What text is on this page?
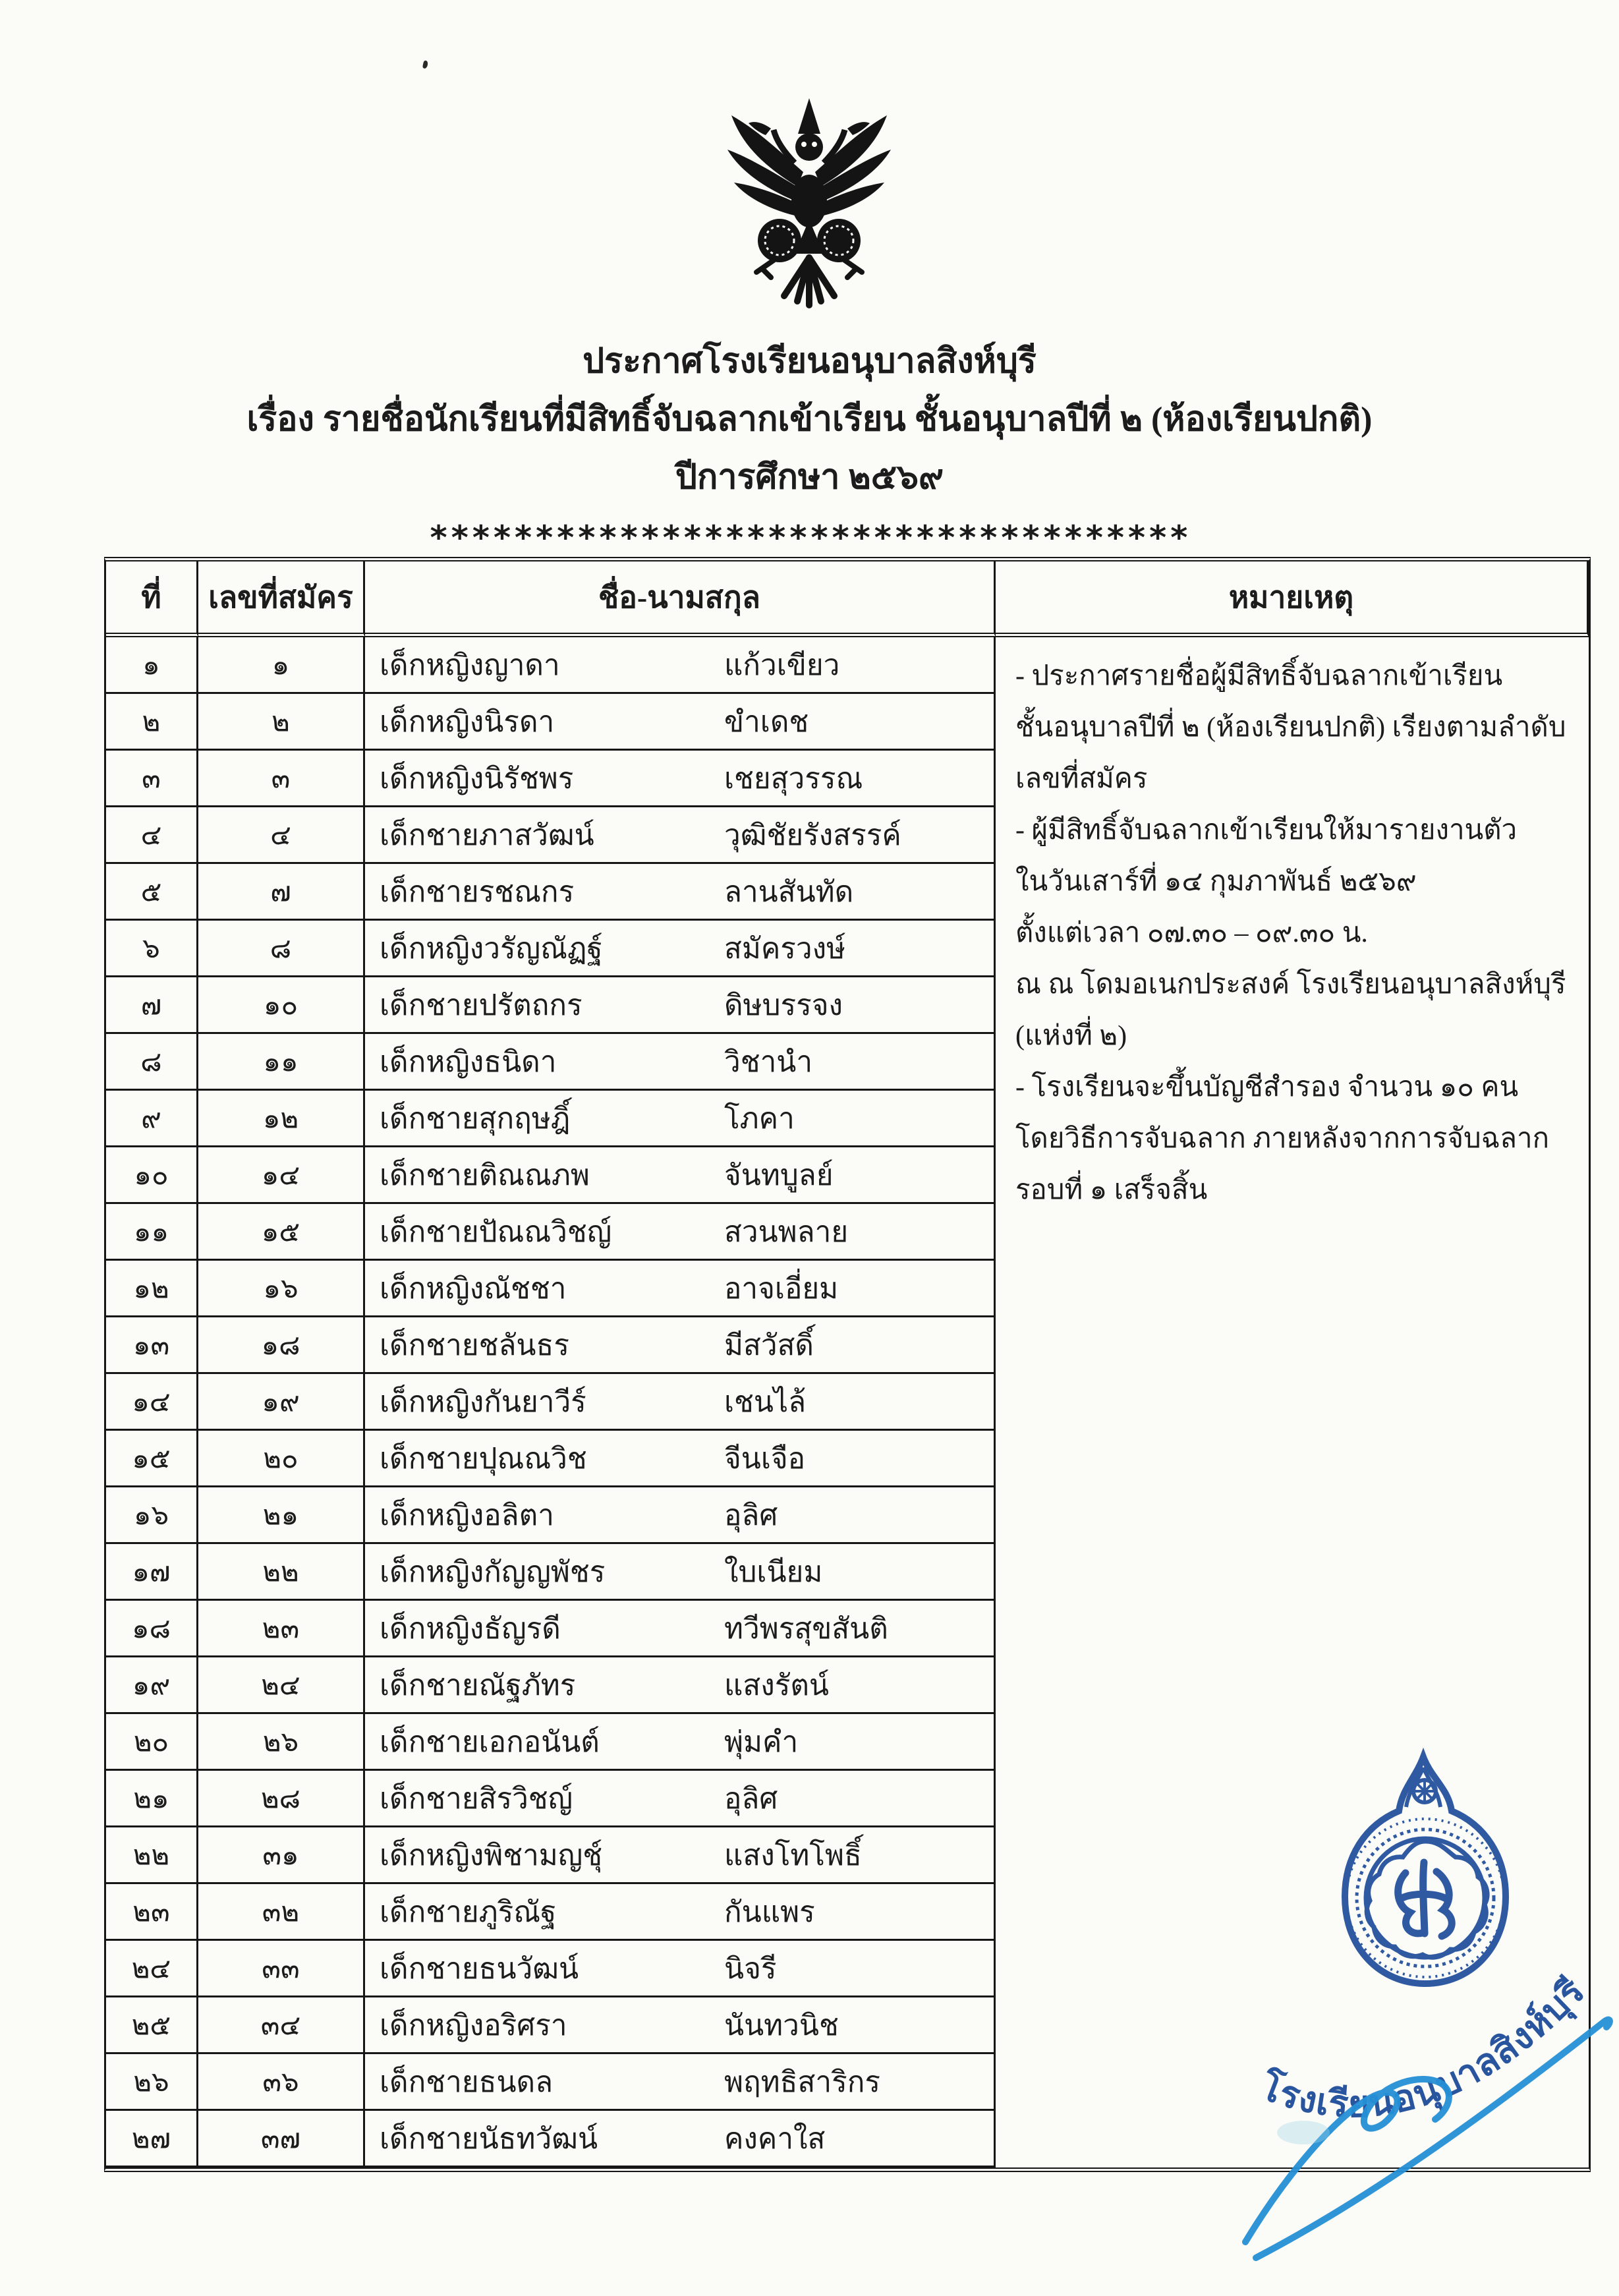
ประกาศโรงเรียนอนุบาลสิงห์บุรี
เรื่อง รายชื่อนักเรียนที่มีสิทธิ์จับฉลากเข้าเรียน ชั้นอนุบาลปีที่ ๒ (ห้องเรียนปกติ)
ปีการศึกษา ๒๕๖๙
************************************
ที่	เลขที่สมัคร	ชื่อ-นามสกุล	หมายเหตุ
๑	๑	เด็กหญิงญาดา	แก้วเขียว
๒	๒	เด็กหญิงนิรดา	ขำเดช
๓	๓	เด็กหญิงนิรัชพร	เชยสุวรรณ
๔	๔	เด็กชายภาสวัฒน์	วุฒิชัยรังสรรค์
๕	๗	เด็กชายรชณกร	ลานสันทัด
๖	๘	เด็กหญิงวรัญณัฏฐ์	สมัครวงษ์
๗	๑๐	เด็กชายปรัตถกร	ดิษบรรจง
๘	๑๑	เด็กหญิงธนิดา	วิชานำ
๙	๑๒	เด็กชายสุกฤษฎิ์	โภคา
๑๐	๑๔	เด็กชายติณณภพ	จันทบูลย์
๑๑	๑๕	เด็กชายปัณณวิชญ์	สวนพลาย
๑๒	๑๖	เด็กหญิงณัชชา	อาจเอี่ยม
๑๓	๑๘	เด็กชายชลันธร	มีสวัสดิ์
๑๔	๑๙	เด็กหญิงกันยาวีร์	เชนไล้
๑๕	๒๐	เด็กชายปุณณวิช	จีนเจือ
๑๖	๒๑	เด็กหญิงอลิตา	อุลิศ
๑๗	๒๒	เด็กหญิงกัญญพัชร	ใบเนียม
๑๘	๒๓	เด็กหญิงธัญรดี	ทวีพรสุขสันติ
๑๙	๒๔	เด็กชายณัฐภัทร	แสงรัตน์
๒๐	๒๖	เด็กชายเอกอนันต์	พุ่มคำ
๒๑	๒๘	เด็กชายสิรวิชญ์	อุลิศ
๒๒	๓๑	เด็กหญิงพิชามญชุ์	แสงโทโพธิ์
๒๓	๓๒	เด็กชายภูริณัฐ	กันแพร
๒๔	๓๓	เด็กชายธนวัฒน์	นิจรี
๒๕	๓๔	เด็กหญิงอริศรา	นันทวนิช
๒๖	๓๖	เด็กชายธนดล	พฤทธิสาริกร
๒๗	๓๗	เด็กชายนัธทวัฒน์	คงคาใส
- ประกาศรายชื่อผู้มีสิทธิ์จับฉลากเข้าเรียน
ชั้นอนุบาลปีที่ ๒ (ห้องเรียนปกติ) เรียงตามลำดับ
เลขที่สมัคร
- ผู้มีสิทธิ์จับฉลากเข้าเรียนให้มารายงานตัว
ในวันเสาร์ที่ ๑๔ กุมภาพันธ์ ๒๕๖๙
ตั้งแต่เวลา ๐๗.๓๐ – ๐๙.๓๐ น.
ณ ณ โดมอเนกประสงค์ โรงเรียนอนุบาลสิงห์บุรี
(แห่งที่ ๒)
- โรงเรียนจะขึ้นบัญชีสำรอง จำนวน ๑๐ คน
โดยวิธีการจับฉลาก ภายหลังจากการจับฉลาก
รอบที่ ๑ เสร็จสิ้น
โรงเรียนอนุบาลสิงห์บุรี
